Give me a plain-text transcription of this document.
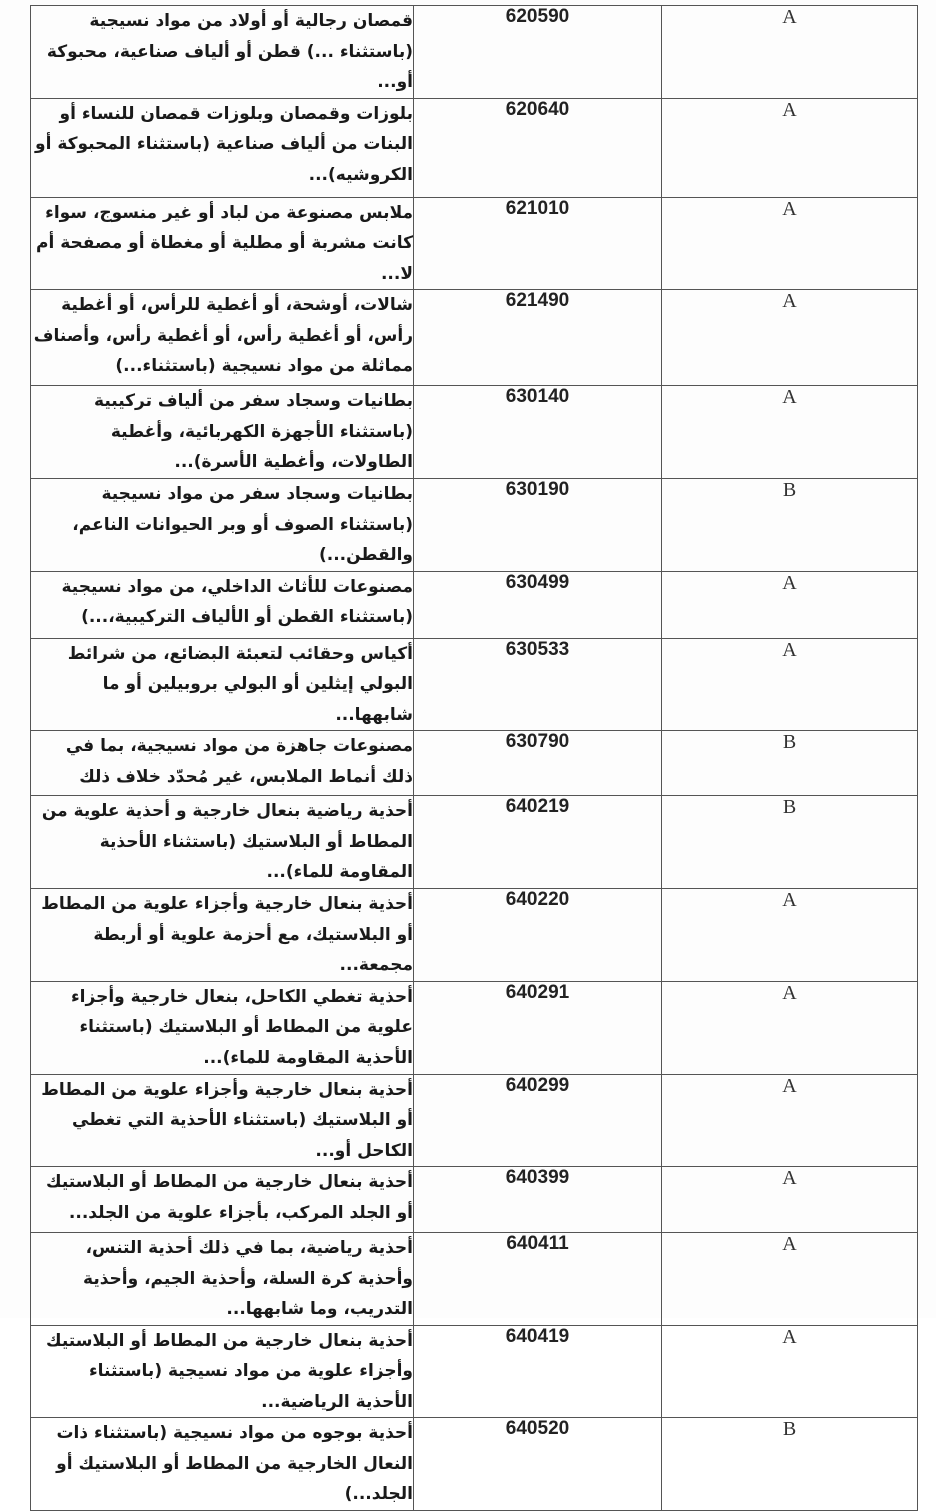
قمصان رجالية أو أولاد من مواد نسيجية (باستثناء ...) قطن أو ألياف صناعية، محبوكة أو...	620590	A
بلوزات وقمصان وبلوزات قمصان للنساء أو البنات من ألياف صناعية (باستثناء المحبوكة أو الكروشيه)...	620640	A
ملابس مصنوعة من لباد أو غير منسوج، سواء كانت مشربة أو مطلية أو مغطاة أو مصفحة أم لا...	621010	A
شالات، أوشحة، أو أغطية للرأس، أو أغطية رأس، أو أغطية رأس، أو أغطية رأس، وأصناف مماثلة من مواد نسيجية (باستثناء...)	621490	A
بطانيات وسجاد سفر من ألياف تركيبية (باستثناء الأجهزة الكهربائية، وأغطية الطاولات، وأغطية الأسرة)...	630140	A
بطانيات وسجاد سفر من مواد نسيجية (باستثناء الصوف أو وبر الحيوانات الناعم، والقطن...)	630190	B
مصنوعات للأثاث الداخلي، من مواد نسيجية (باستثناء القطن أو الألياف التركيبية،...)	630499	A
أكياس وحقائب لتعبئة البضائع، من شرائط البولي إيثلين أو البولي بروبيلين أو ما شابهها...	630533	A
مصنوعات جاهزة من مواد نسيجية، بما في ذلك أنماط الملابس، غير مُحدّد خلاف ذلك	630790	B
أحذية رياضية بنعال خارجية و أحذية علوية من المطاط أو البلاستيك (باستثناء الأحذية المقاومة للماء)...	640219	B
أحذية بنعال خارجية وأجزاء علوية من المطاط أو البلاستيك، مع أحزمة علوية أو أربطة مجمعة...	640220	A
أحذية تغطي الكاحل، بنعال خارجية وأجزاء علوية من المطاط أو البلاستيك (باستثناء الأحذية المقاومة للماء)...	640291	A
أحذية بنعال خارجية وأجزاء علوية من المطاط أو البلاستيك (باستثناء الأحذية التي تغطي الكاحل أو...	640299	A
أحذية بنعال خارجية من المطاط أو البلاستيك أو الجلد المركب، بأجزاء علوية من الجلد...	640399	A
أحذية رياضية، بما في ذلك أحذية التنس، وأحذية كرة السلة، وأحذية الجيم، وأحذية التدريب، وما شابهها...	640411	A
أحذية بنعال خارجية من المطاط أو البلاستيك وأجزاء علوية من مواد نسيجية (باستثناء الأحذية الرياضية...	640419	A
أحذية بوجوه من مواد نسيجية (باستثناء ذات النعال الخارجية من المطاط أو البلاستيك أو الجلد...)	640520	B
